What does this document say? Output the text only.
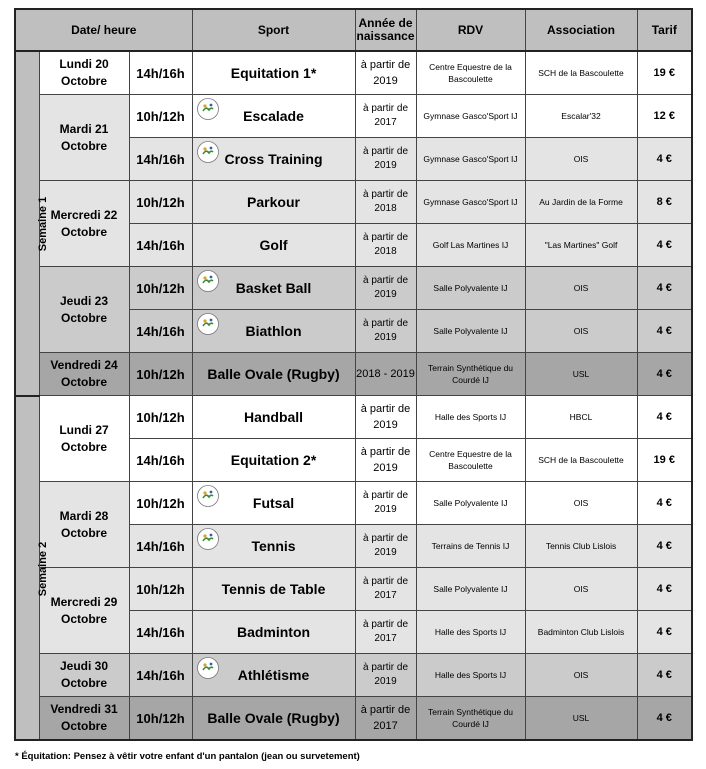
Date/ heure			Sport	Année de naissance	RDV	Association	Tarif
Semaine 1	Lundi 20 Octobre	14h/16h	Equitation 1*	à partir de 2019	Centre Equestre de la Bascoulette	SCH de la Bascoulette	19 €
	Mardi 21 Octobre	10h/12h	Escalade	à partir de 2017	Gymnase Gasco'Sport IJ	Escalar'32	12 €
		14h/16h	Cross Training	à partir de 2019	Gymnase Gasco'Sport IJ	OIS	4 €
	Mercredi 22 Octobre	10h/12h	Parkour	à partir de 2018	Gymnase Gasco'Sport IJ	Au Jardin de la Forme	8 €
		14h/16h	Golf	à partir de 2018	Golf Las Martines IJ	"Las Martines" Golf	4 €
	Jeudi 23 Octobre	10h/12h	Basket Ball	à partir de 2019	Salle Polyvalente IJ	OIS	4 €
		14h/16h	Biathlon	à partir de 2019	Salle Polyvalente IJ	OIS	4 €
	Vendredi 24 Octobre	10h/12h	Balle Ovale (Rugby)	2018 - 2019	Terrain Synthétique du Courdé IJ	USL	4 €
Semaine 2	Lundi 27 Octobre	10h/12h	Handball	à partir de 2019	Halle des Sports IJ	HBCL	4 €
		14h/16h	Equitation 2*	à partir de 2019	Centre Equestre de la Bascoulette	SCH de la Bascoulette	19 €
	Mardi 28 Octobre	10h/12h	Futsal	à partir de 2019	Salle Polyvalente IJ	OIS	4 €
		14h/16h	Tennis	à partir de 2019	Terrains de Tennis IJ	Tennis Club Lislois	4 €
	Mercredi 29 Octobre	10h/12h	Tennis de Table	à partir de 2017	Salle Polyvalente IJ	OIS	4 €
		14h/16h	Badminton	à partir de 2017	Halle des Sports IJ	Badminton Club Lislois	4 €
	Jeudi 30 Octobre	14h/16h	Athlétisme	à partir de 2019	Halle des Sports IJ	OIS	4 €
	Vendredi 31 Octobre	10h/12h	Balle Ovale (Rugby)	à partir de 2017	Terrain Synthétique du Courdé IJ	USL	4 €
* Équitation: Pensez à vêtir votre enfant d'un pantalon (jean ou survetement)
